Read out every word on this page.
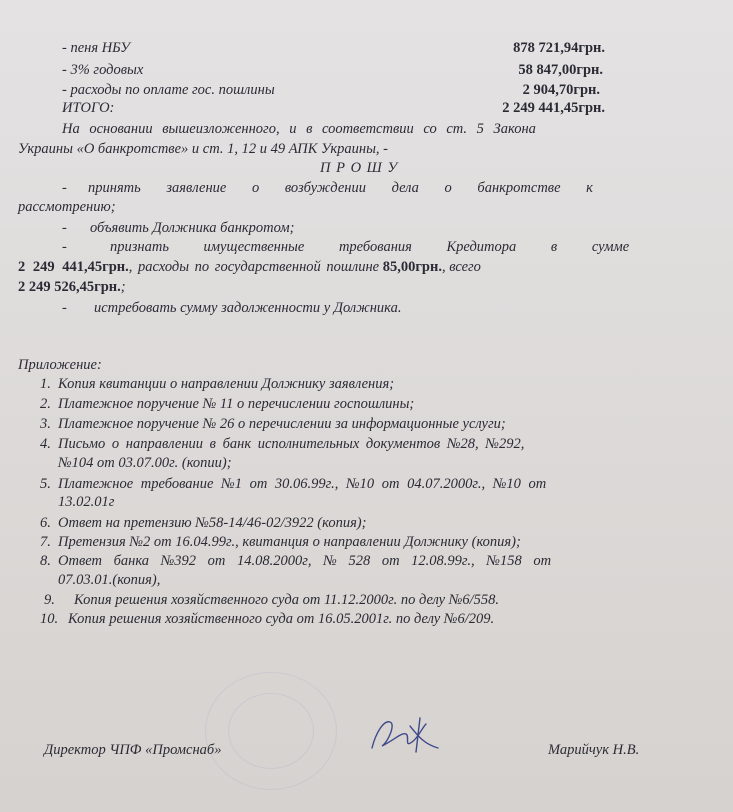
- пеня НБУ	878 721,94грн.
- 3% годовых	58 847,00грн.
- расходы по оплате гос. пошлины	2 904,70грн.
ИТОГО:	2 249 441,45грн.
На основании вышеизложенного, и в соответствии со ст. 5 Закона
Украины «О банкротстве» и ст. 1, 12 и 49 АПК Украины, -
П Р О Ш У
- принять заявление о возбуждении дела о банкротстве к
рассмотрению;
- объявить Должника банкротом;
-	признать имущественные требования Кредитора в сумме
2 249 441,45грн., расходы по государственной пошлине 85,00грн., всего
2 249 526,45грн.;
- истребовать сумму задолженности у Должника.
Приложение:
1. Копия квитанции о направлении Должнику заявления;
2. Платежное поручение № 11 о перечислении госпошлины;
3. Платежное поручение № 26 о перечислении за информационные услуги;
4. Письмо о направлении в банк исполнительных документов №28, №292,
№104 от 03.07.00г. (копии);
5. Платежное требование №1 от 30.06.99г., №10 от 04.07.2000г., №10 от
13.02.01г
6. Ответ на претензию №58-14/46-02/3922 (копия);
7. Претензия №2 от 16.04.99г., квитанция о направлении Должнику (копия);
8. Ответ банка №392 от 14.08.2000г, № 528 от 12.08.99г., №158 от
07.03.01.(копия),
9. Копия решения хозяйственного суда от 11.12.2000г. по делу №6/558.
10. Копия решения хозяйственного суда от 16.05.2001г. по делу №6/209.
Директор ЧПФ «Промснаб»	Марийчук Н.В.
